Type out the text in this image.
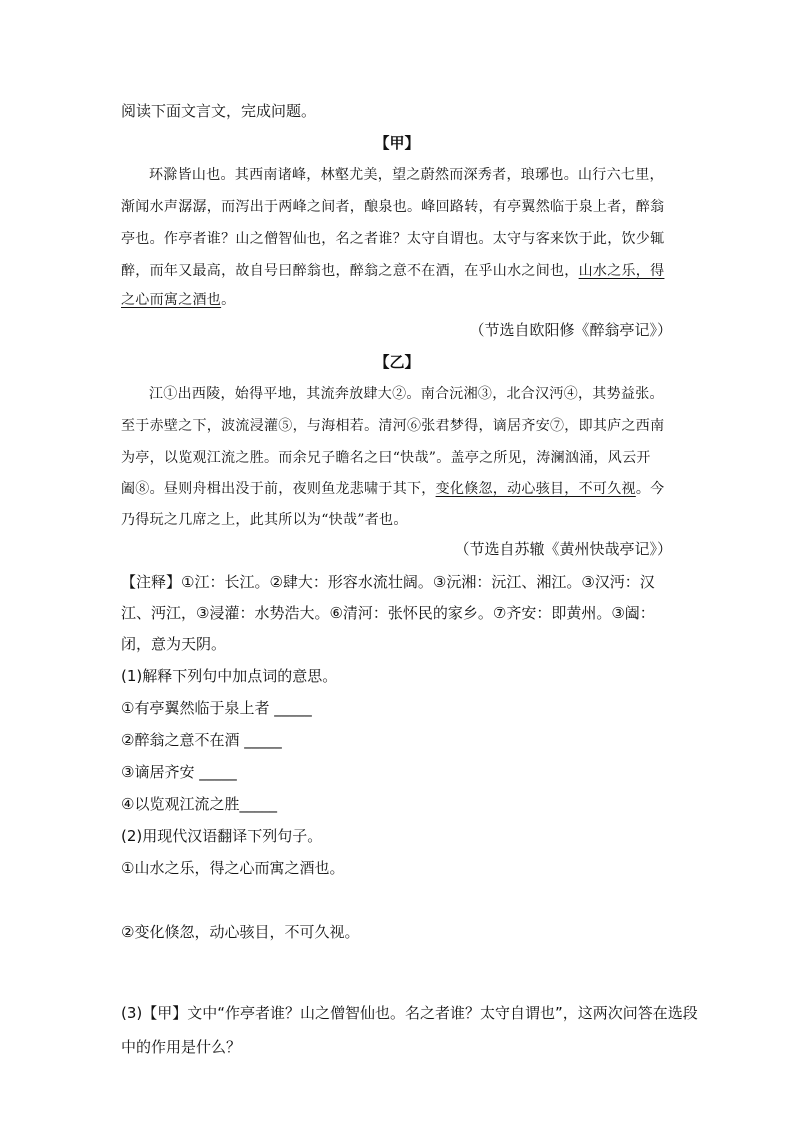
阅读下面文言文，完成问题。
【甲】
环滁皆山也。其西南诸峰，林壑尤美，望之蔚然而深秀者，琅琊也。山行六七里，
渐闻水声潺潺，而泻出于两峰之间者，酿泉也。峰回路转，有亭翼然临于泉上者，醉翁
亭也。作亭者谁？山之僧智仙也，名之者谁？太守自谓也。太守与客来饮于此，饮少辄
醉，而年又最高，故自号曰醉翁也，醉翁之意不在酒，在乎山水之间也，山水之乐，得
之心而寓之酒也。
（节选自欧阳修《醉翁亭记》）
【乙】
江①出西陵，始得平地，其流奔放肆大②。南合沅湘③，北合汉沔④，其势益张。
至于赤壁之下，波流浸灌⑤，与海相若。清河⑥张君梦得，谪居齐安⑦，即其庐之西南
为亭，以览观江流之胜。而余兄子瞻名之曰“快哉”。盖亭之所见，涛澜汹涌，风云开
阖⑧。昼则舟楫出没于前，夜则鱼龙悲啸于其下，变化倏忽，动心骇目，不可久视。今
乃得玩之几席之上，此其所以为“快哉”者也。
（节选自苏辙《黄州快哉亭记》）
【注释】①江：长江。②肆大：形容水流壮阔。③沅湘：沅江、湘江。③汉沔：汉
江、沔江，③浸灌：水势浩大。⑥清河：张怀民的家乡。⑦齐安：即黄州。③阖：
闭，意为天阴。
(1)解释下列句中加点词的意思。
①有亭翼然临于泉上者 _____
②醉翁之意不在酒 _____
③谪居齐安 _____
④以览观江流之胜_____
(2)用现代汉语翻译下列句子。
①山水之乐，得之心而寓之酒也。
②变化倏忽，动心骇目，不可久视。
(3)【甲】文中“作亭者谁？山之僧智仙也。名之者谁？太守自谓也”，这两次问答在选段
中的作用是什么？
